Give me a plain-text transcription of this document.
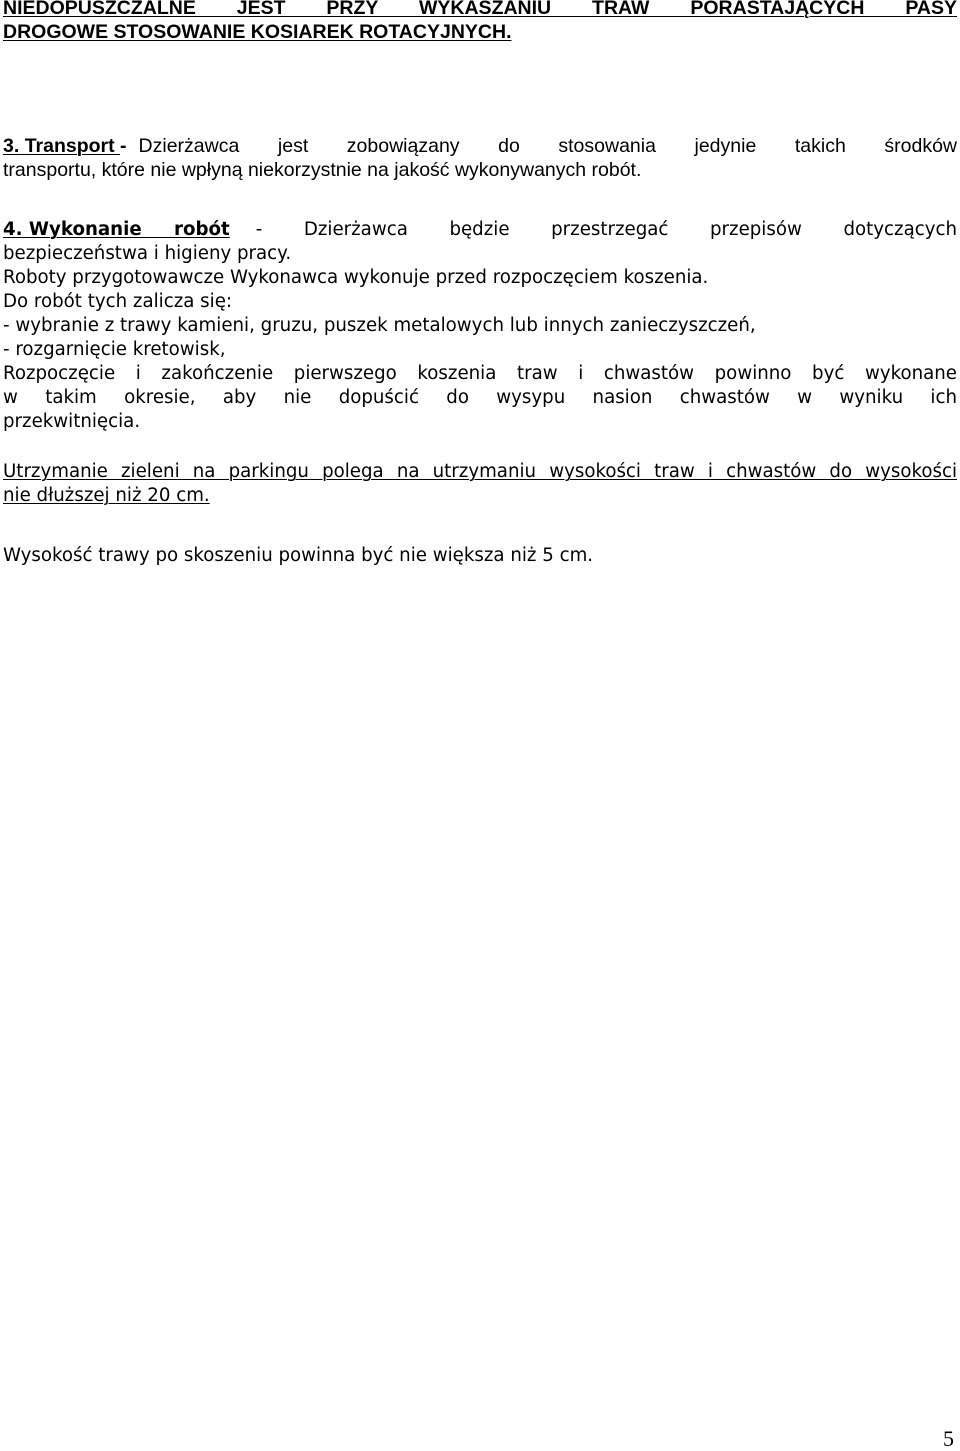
NIEDOPUSZCZALNE JEST PRZY WYKASZANIU TRAW PORASTAJĄCYCH PASY
DROGOWE STOSOWANIE KOSIAREK ROTACYJNYCH.
3. Transport - Dzierżawca jest zobowiązany do stosowania jedynie takich środków
transportu, które nie wpłyną niekorzystnie na jakość wykonywanych robót.
4. Wykonanie robót - Dzierżawca będzie przestrzegać przepisów dotyczących
bezpieczeństwa i higieny pracy.
Roboty przygotowawcze Wykonawca wykonuje przed rozpoczęciem koszenia.
Do robót tych zalicza się:
- wybranie z trawy kamieni, gruzu, puszek metalowych lub innych zanieczyszczeń,
- rozgarnięcie kretowisk,
Rozpoczęcie i zakończenie pierwszego koszenia traw i chwastów powinno być wykonane
w takim okresie, aby nie dopuścić do wysypu nasion chwastów w wyniku ich
przekwitnięcia.
Utrzymanie zieleni na parkingu polega na utrzymaniu wysokości traw i chwastów do wysokości
nie dłuższej niż 20 cm.
Wysokość trawy po skoszeniu powinna być nie większa niż 5 cm.
5
